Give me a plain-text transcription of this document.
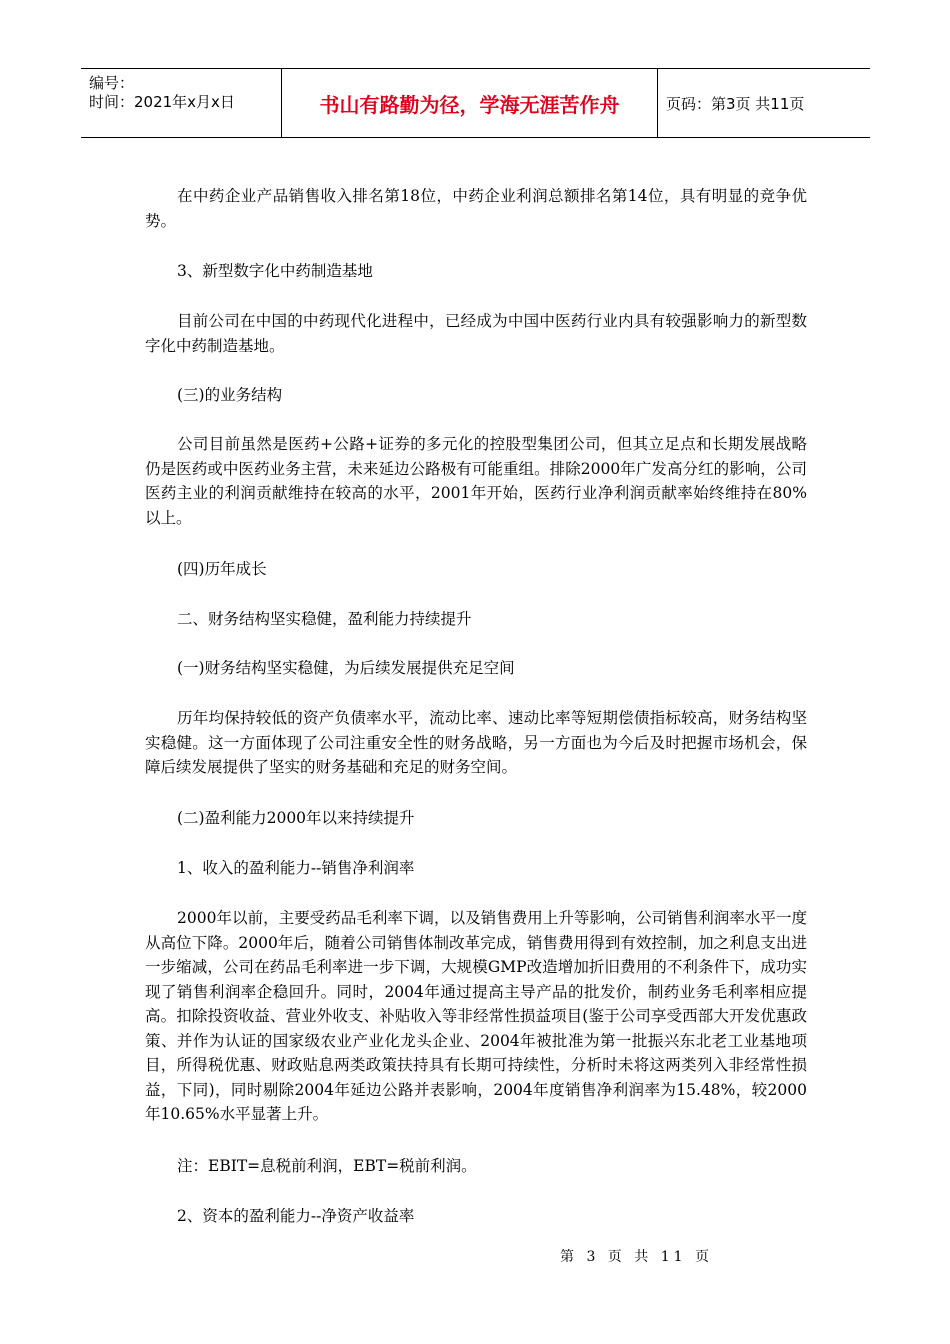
编号：
时间：2021年x月x日	书山有路勤为径，学海无涯苦作舟	页码：第3页 共11页

在中药企业产品销售收入排名第18位，中药企业利润总额排名第14位，具有明显的竞争优势。

3、新型数字化中药制造基地

目前公司在中国的中药现代化进程中，已经成为中国中医药行业内具有较强影响力的新型数字化中药制造基地。

(三)的业务结构

公司目前虽然是医药+公路+证券的多元化的控股型集团公司，但其立足点和长期发展战略仍是医药或中医药业务主营，未来延边公路极有可能重组。排除2000年广发高分红的影响，公司医药主业的利润贡献维持在较高的水平，2001年开始，医药行业净利润贡献率始终维持在80%以上。

(四)历年成长

二、财务结构坚实稳健，盈利能力持续提升

(一)财务结构坚实稳健，为后续发展提供充足空间

历年均保持较低的资产负债率水平，流动比率、速动比率等短期偿债指标较高，财务结构坚实稳健。这一方面体现了公司注重安全性的财务战略，另一方面也为今后及时把握市场机会，保障后续发展提供了坚实的财务基础和充足的财务空间。

(二)盈利能力2000年以来持续提升

1、收入的盈利能力--销售净利润率

2000年以前，主要受药品毛利率下调，以及销售费用上升等影响，公司销售利润率水平一度从高位下降。2000年后，随着公司销售体制改革完成，销售费用得到有效控制，加之利息支出进一步缩减，公司在药品毛利率进一步下调，大规模GMP改造增加折旧费用的不利条件下，成功实现了销售利润率企稳回升。同时，2004年通过提高主导产品的批发价，制药业务毛利率相应提高。扣除投资收益、营业外收支、补贴收入等非经常性损益项目(鉴于公司享受西部大开发优惠政策、并作为认证的国家级农业产业化龙头企业、2004年被批准为第一批振兴东北老工业基地项目，所得税优惠、财政贴息两类政策扶持具有长期可持续性，分析时未将这两类列入非经常性损益，下同)，同时剔除2004年延边公路并表影响，2004年度销售净利润率为15.48%，较2000年10.65%水平显著上升。

注：EBIT=息税前利润，EBT=税前利润。

2、资本的盈利能力--净资产收益率

第 3 页 共 11 页
